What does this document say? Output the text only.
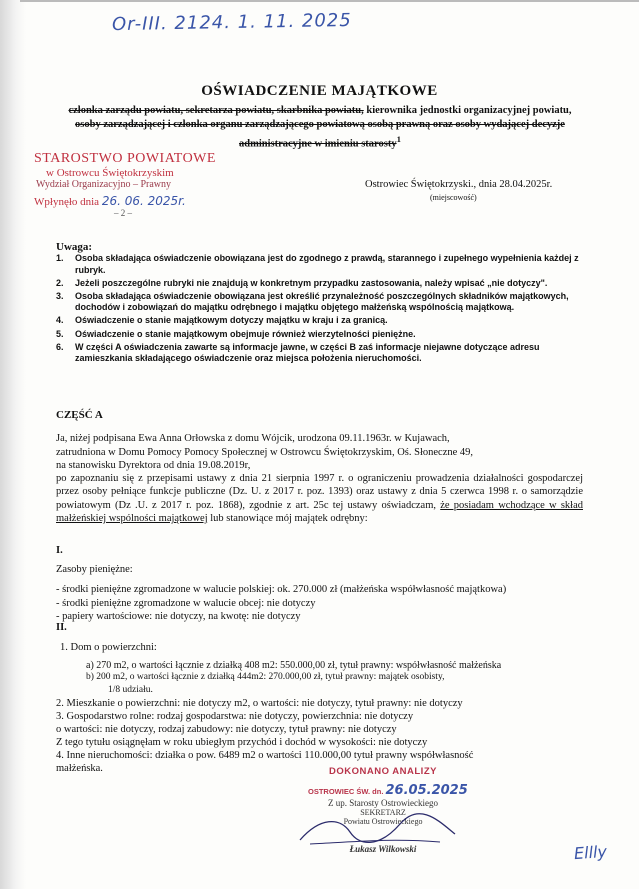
Or-III. 2124. 1. 11. 2025
OŚWIADCZENIE MAJĄTKOWE
członka zarządu powiatu, sekretarza powiatu, skarbnika powiatu, kierownika jednostki organizacyjnej powiatu, osoby zarządzającej i członka organu zarządzającego powiatową osobą prawną oraz osoby wydającej decyzje administracyjne w imieniu starosty$^1$
STAROSTWO POWIATOWE
w Ostrowcu Świętokrzyskim
Wydział Organizacyjno – Prawny
Wpłynęło dnia 26. 06. 2025r.
– 2 –
Ostrowiec Świętokrzyski., dnia 28.04.2025r.
(miejscowość)
Uwaga:
1. Osoba składająca oświadczenie obowiązana jest do zgodnego z prawdą, starannego i zupełnego wypełnienia każdej z rubryk.
2. Jeżeli poszczególne rubryki nie znajdują w konkretnym przypadku zastosowania, należy wpisać „nie dotyczy".
3. Osoba składająca oświadczenie obowiązana jest określić przynależność poszczególnych składników majątkowych, dochodów i zobowiązań do majątku odrębnego i majątku objętego małżeńską wspólnością majątkową.
4. Oświadczenie o stanie majątkowym dotyczy majątku w kraju i za granicą.
5. Oświadczenie o stanie majątkowym obejmuje również wierzytelności pieniężne.
6. W części A oświadczenia zawarte są informacje jawne, w części B zaś informacje niejawne dotyczące adresu zamieszkania składającego oświadczenie oraz miejsca położenia nieruchomości.
CZĘŚĆ A
Ja, niżej podpisana Ewa Anna Orłowska z domu Wójcik, urodzona 09.11.1963r. w Kujawach,
zatrudniona w Domu Pomocy Pomocy Społecznej w Ostrowcu Świętokrzyskim, Oś. Słoneczne 49,
na stanowisku Dyrektora od dnia 19.08.2019r,
po zapoznaniu się z przepisami ustawy z dnia 21 sierpnia 1997 r. o ograniczeniu prowadzenia działalności gospodarczej przez osoby pełniące funkcje publiczne (Dz. U. z 2017 r. poz. 1393) oraz ustawy z dnia 5 czerwca 1998 r. o samorządzie powiatowym (Dz .U. z 2017 r. poz. 1868), zgodnie z art. 25c tej ustawy oświadczam, że posiadam wchodzące w skład małżeńskiej wspólności majątkowej lub stanowiące mój majątek odrębny:
I.
Zasoby pieniężne:
- środki pieniężne zgromadzone w walucie polskiej: ok. 270.000 zł (małżeńska współwłasność majątkowa)
- środki pieniężne zgromadzone w walucie obcej: nie dotyczy
- papiery wartościowe: nie dotyczy, na kwotę: nie dotyczy
II.
1. Dom o powierzchni:
a) 270 m2, o wartości łącznie z działką 408 m2: 550.000,00 zł, tytuł prawny: współwłasność małżeńska
b) 200 m2, o wartości łącznie z działką 444m2: 270.000,00 zł, tytuł prawny: majątek osobisty,
1/8 udziału.
2. Mieszkanie o powierzchni: nie dotyczy m2, o wartości: nie dotyczy, tytuł prawny: nie dotyczy
3. Gospodarstwo rolne: rodzaj gospodarstwa: nie dotyczy, powierzchnia: nie dotyczy
o wartości: nie dotyczy, rodzaj zabudowy: nie dotyczy, tytuł prawny: nie dotyczy
Z tego tytułu osiągnęłam w roku ubiegłym przychód i dochód w wysokości: nie dotyczy
4. Inne nieruchomości: działka o pow. 6489 m2 o wartości 110.000,00 tytuł prawny współwłasność
małżeńska.	DOKONANO ANALIZY
OSTROWIEC ŚW. dn. 26.05.2025
Z up. Starosty Ostrowieckiego
SEKRETARZ
Powiatu Ostrowieckiego
Łukasz Wilkowski	Ellly
